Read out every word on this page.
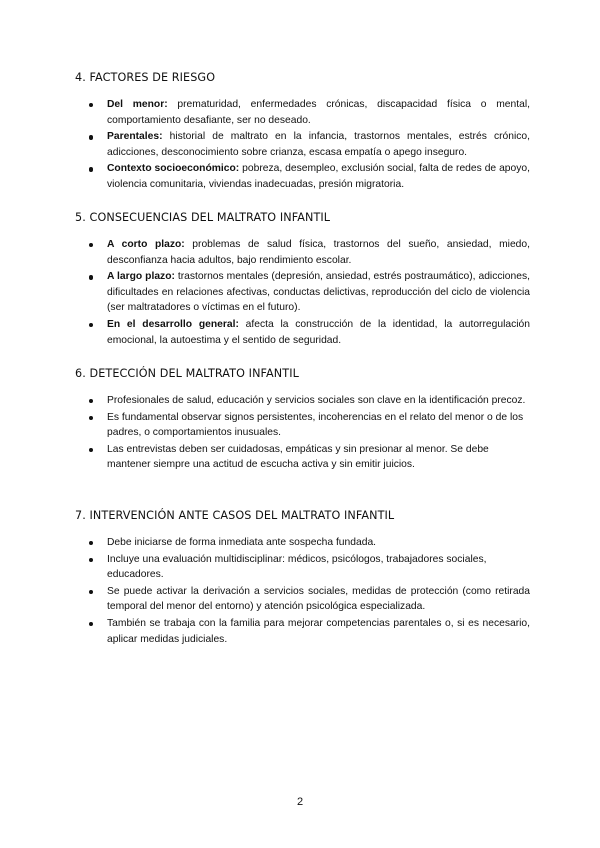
4. FACTORES DE RIESGO
Del menor: prematuridad, enfermedades crónicas, discapacidad física o mental, comportamiento desafiante, ser no deseado.
Parentales: historial de maltrato en la infancia, trastornos mentales, estrés crónico, adicciones, desconocimiento sobre crianza, escasa empatía o apego inseguro.
Contexto socioeconómico: pobreza, desempleo, exclusión social, falta de redes de apoyo, violencia comunitaria, viviendas inadecuadas, presión migratoria.
5. CONSECUENCIAS DEL MALTRATO INFANTIL
A corto plazo: problemas de salud física, trastornos del sueño, ansiedad, miedo, desconfianza hacia adultos, bajo rendimiento escolar.
A largo plazo: trastornos mentales (depresión, ansiedad, estrés postraumático), adicciones, dificultades en relaciones afectivas, conductas delictivas, reproducción del ciclo de violencia (ser maltratadores o víctimas en el futuro).
En el desarrollo general: afecta la construcción de la identidad, la autorregulación emocional, la autoestima y el sentido de seguridad.
6. DETECCIÓN DEL MALTRATO INFANTIL
Profesionales de salud, educación y servicios sociales son clave en la identificación precoz.
Es fundamental observar signos persistentes, incoherencias en el relato del menor o de los padres, o comportamientos inusuales.
Las entrevistas deben ser cuidadosas, empáticas y sin presionar al menor. Se debe mantener siempre una actitud de escucha activa y sin emitir juicios.
7. INTERVENCIÓN ANTE CASOS DEL MALTRATO INFANTIL
Debe iniciarse de forma inmediata ante sospecha fundada.
Incluye una evaluación multidisciplinar: médicos, psicólogos, trabajadores sociales, educadores.
Se puede activar la derivación a servicios sociales, medidas de protección (como retirada temporal del menor del entorno) y atención psicológica especializada.
También se trabaja con la familia para mejorar competencias parentales o, si es necesario, aplicar medidas judiciales.
2
